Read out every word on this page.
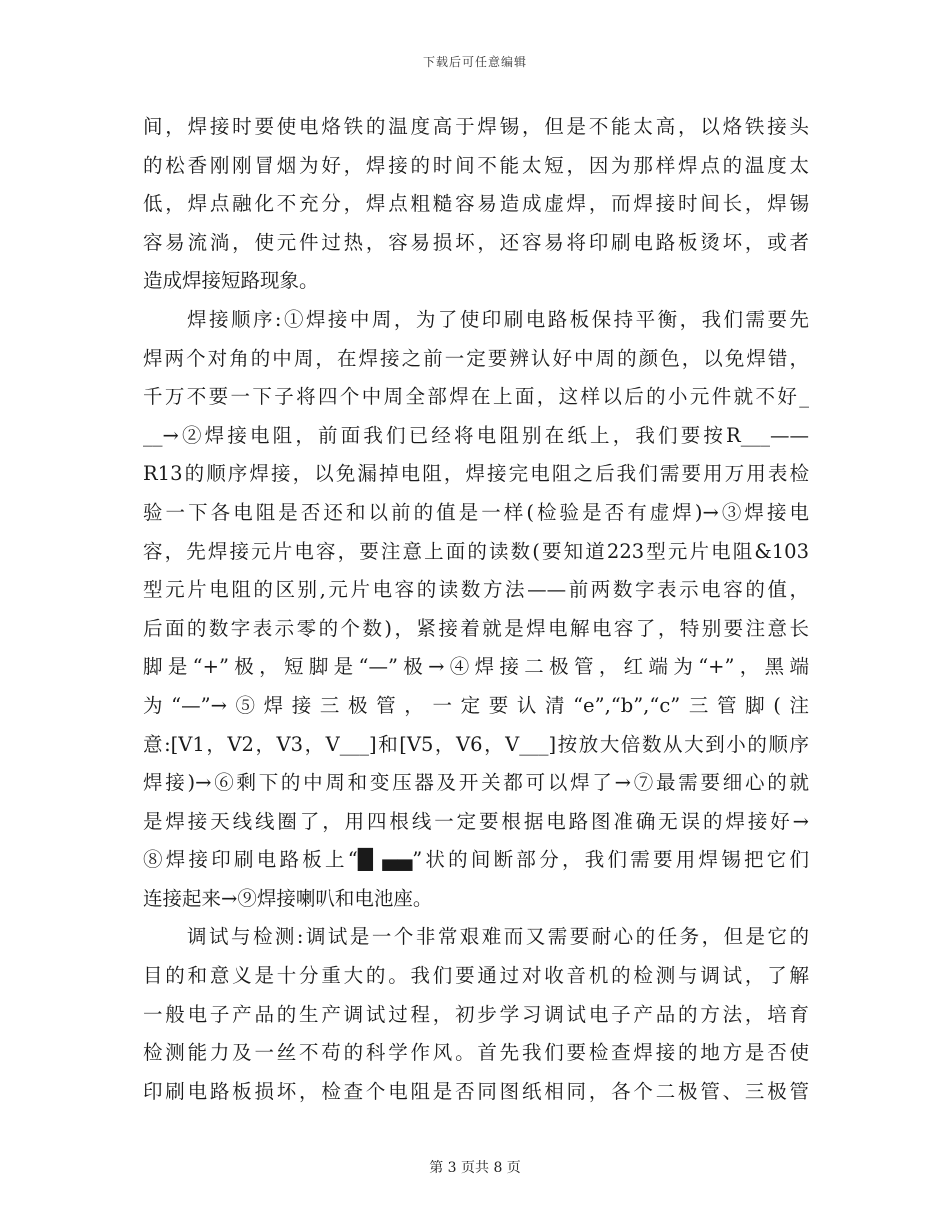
下载后可任意编辑
间，焊接时要使电烙铁的温度高于焊锡，但是不能太高，以烙铁接头
的松香刚刚冒烟为好，焊接的时间不能太短，因为那样焊点的温度太
低，焊点融化不充分，焊点粗糙容易造成虚焊，而焊接时间长，焊锡
容易流淌，使元件过热，容易损坏，还容易将印刷电路板烫坏，或者
造成焊接短路现象。
焊接顺序:①焊接中周，为了使印刷电路板保持平衡，我们需要先
焊两个对角的中周，在焊接之前一定要辨认好中周的颜色，以免焊错，
千万不要一下子将四个中周全部焊在上面，这样以后的小元件就不好_
__→②焊接电阻，前面我们已经将电阻别在纸上，我们要按R___——
R13的顺序焊接，以免漏掉电阻，焊接完电阻之后我们需要用万用表检
验一下各电阻是否还和以前的值是一样(检验是否有虚焊)→③焊接电
容，先焊接元片电容，要注意上面的读数(要知道223型元片电阻&103
型元片电阻的区别,元片电容的读数方法——前两数字表示电容的值，
后面的数字表示零的个数)，紧接着就是焊电解电容了，特别要注意长
脚是“+”极，短脚是“—”极→④焊接二极管，红端为“+”，黑端
为“—”→⑤焊接三极管，一定要认清“e”,“b”,“c”三管脚(注
意:[V1，V2，V3，V___]和[V5，V6，V___]按放大倍数从大到小的顺序
焊接)→⑥剩下的中周和变压器及开关都可以焊了→⑦最需要细心的就
是焊接天线线圈了，用四根线一定要根据电路图准确无误的焊接好→
⑧焊接印刷电路板上“█ ▄▄”状的间断部分，我们需要用焊锡把它们
连接起来→⑨焊接喇叭和电池座。
调试与检测:调试是一个非常艰难而又需要耐心的任务，但是它的
目的和意义是十分重大的。我们要通过对收音机的检测与调试，了解
一般电子产品的生产调试过程，初步学习调试电子产品的方法，培育
检测能力及一丝不苟的科学作风。首先我们要检查焊接的地方是否使
印刷电路板损坏，检查个电阻是否同图纸相同，各个二极管、三极管
第 3 页共 8 页
